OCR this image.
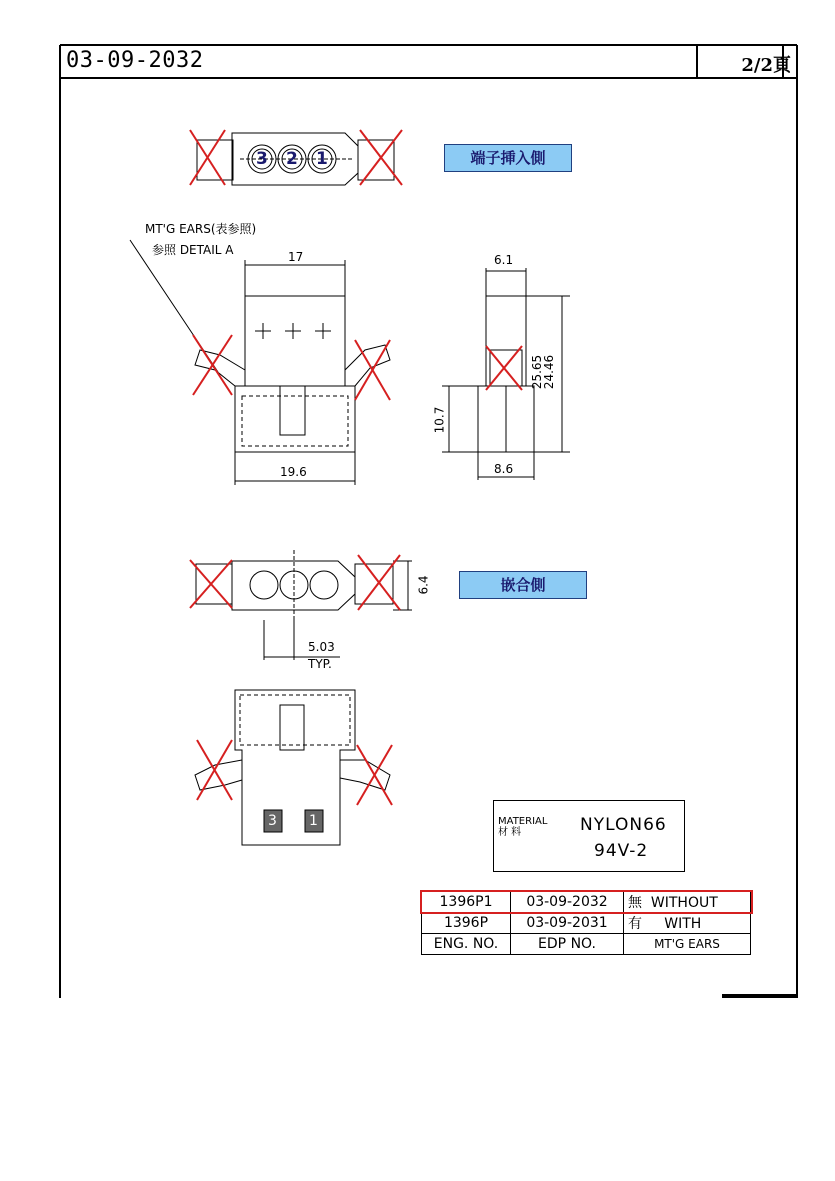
03-09-2032	2/2頁
端子挿入側
嵌合側
3 2 1
MT'G EARS(表参照)
参照 DETAIL A	17
19.6
6.1
8.6
25.65
24.46
10.7
6.4
5.03
TYP.
3 1	MATERIAL
材 料	NYLON66
94V-2
1396P1	03-09-2032	無 WITHOUT
1396P	03-09-2031	有 WITH
ENG. NO.	EDP NO.	MT'G EARS
